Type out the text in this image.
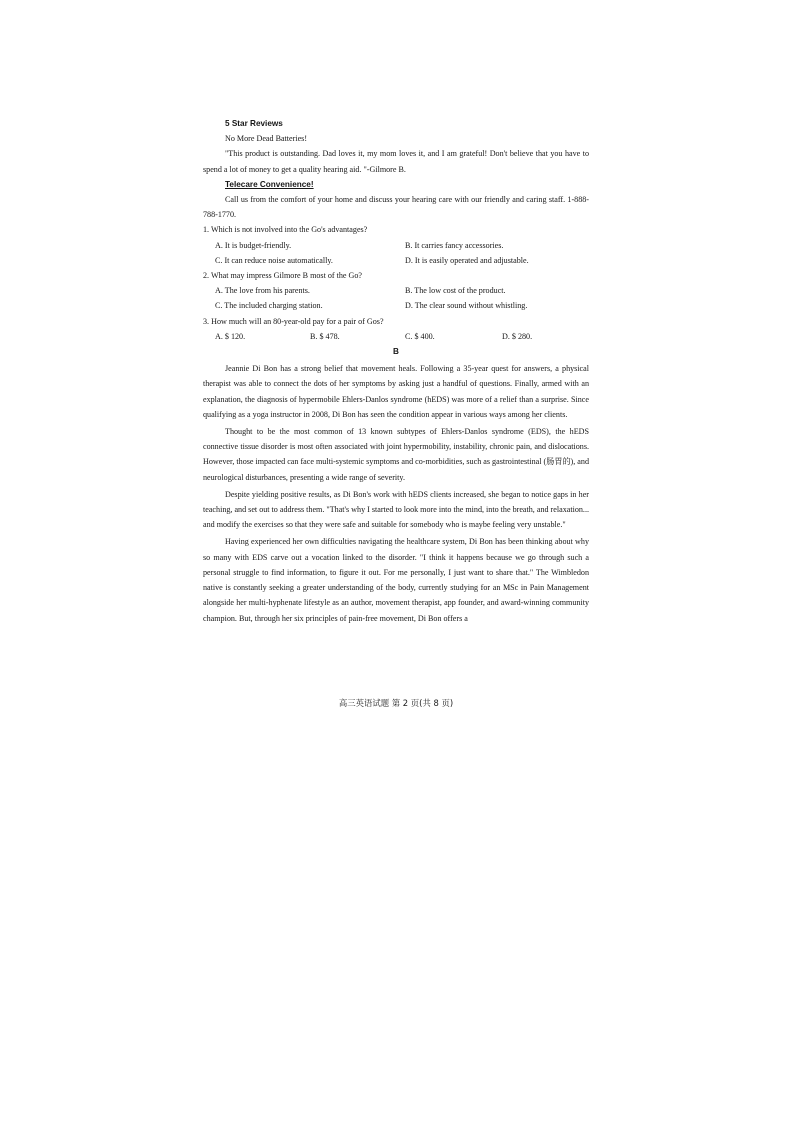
5 Star Reviews

No More Dead Batteries!

"This product is outstanding. Dad loves it, my mom loves it, and I am grateful! Don't believe that you have to spend a lot of money to get a quality hearing aid. "-Gilmore B.

Telecare Convenience!

Call us from the comfort of your home and discuss your hearing care with our friendly and caring staff. 1-888-788-1770.

1. Which is not involved into the Go's advantages?

A. It is budget-friendly.	B. It carries fancy accessories.
C. It can reduce noise automatically.	D. It is easily operated and adjustable.

2. What may impress Gilmore B most of the Go?

A. The love from his parents.	B. The low cost of the product.
C. The included charging station.	D. The clear sound without whistling.

3. How much will an 80-year-old pay for a pair of Gos?

A. $ 120.	B. $ 478.	C. $ 400.	D. $ 280.

B

Jeannie Di Bon has a strong belief that movement heals. Following a 35-year quest for answers, a physical therapist was able to connect the dots of her symptoms by asking just a handful of questions. Finally, armed with an explanation, the diagnosis of hypermobile Ehlers-Danlos syndrome (hEDS) was more of a relief than a surprise. Since qualifying as a yoga instructor in 2008, Di Bon has seen the condition appear in various ways among her clients.

Thought to be the most common of 13 known subtypes of Ehlers-Danlos syndrome (EDS), the hEDS connective tissue disorder is most often associated with joint hypermobility, instability, chronic pain, and dislocations. However, those impacted can face multi-systemic symptoms and co-morbidities, such as gastrointestinal (肠胃的), and neurological disturbances, presenting a wide range of severity.

Despite yielding positive results, as Di Bon's work with hEDS clients increased, she began to notice gaps in her teaching, and set out to address them. "That's why I started to look more into the mind, into the breath, and relaxation... and modify the exercises so that they were safe and suitable for somebody who is maybe feeling very unstable."

Having experienced her own difficulties navigating the healthcare system, Di Bon has been thinking about why so many with EDS carve out a vocation linked to the disorder. "I think it happens because we go through such a personal struggle to find information, to figure it out. For me personally, I just want to share that." The Wimbledon native is constantly seeking a greater understanding of the body, currently studying for an MSc in Pain Management alongside her multi-hyphenate lifestyle as an author, movement therapist, app founder, and award-winning community champion. But, through her six principles of pain-free movement, Di Bon offers a

高三英语试题 第 2 页(共 8 页)
